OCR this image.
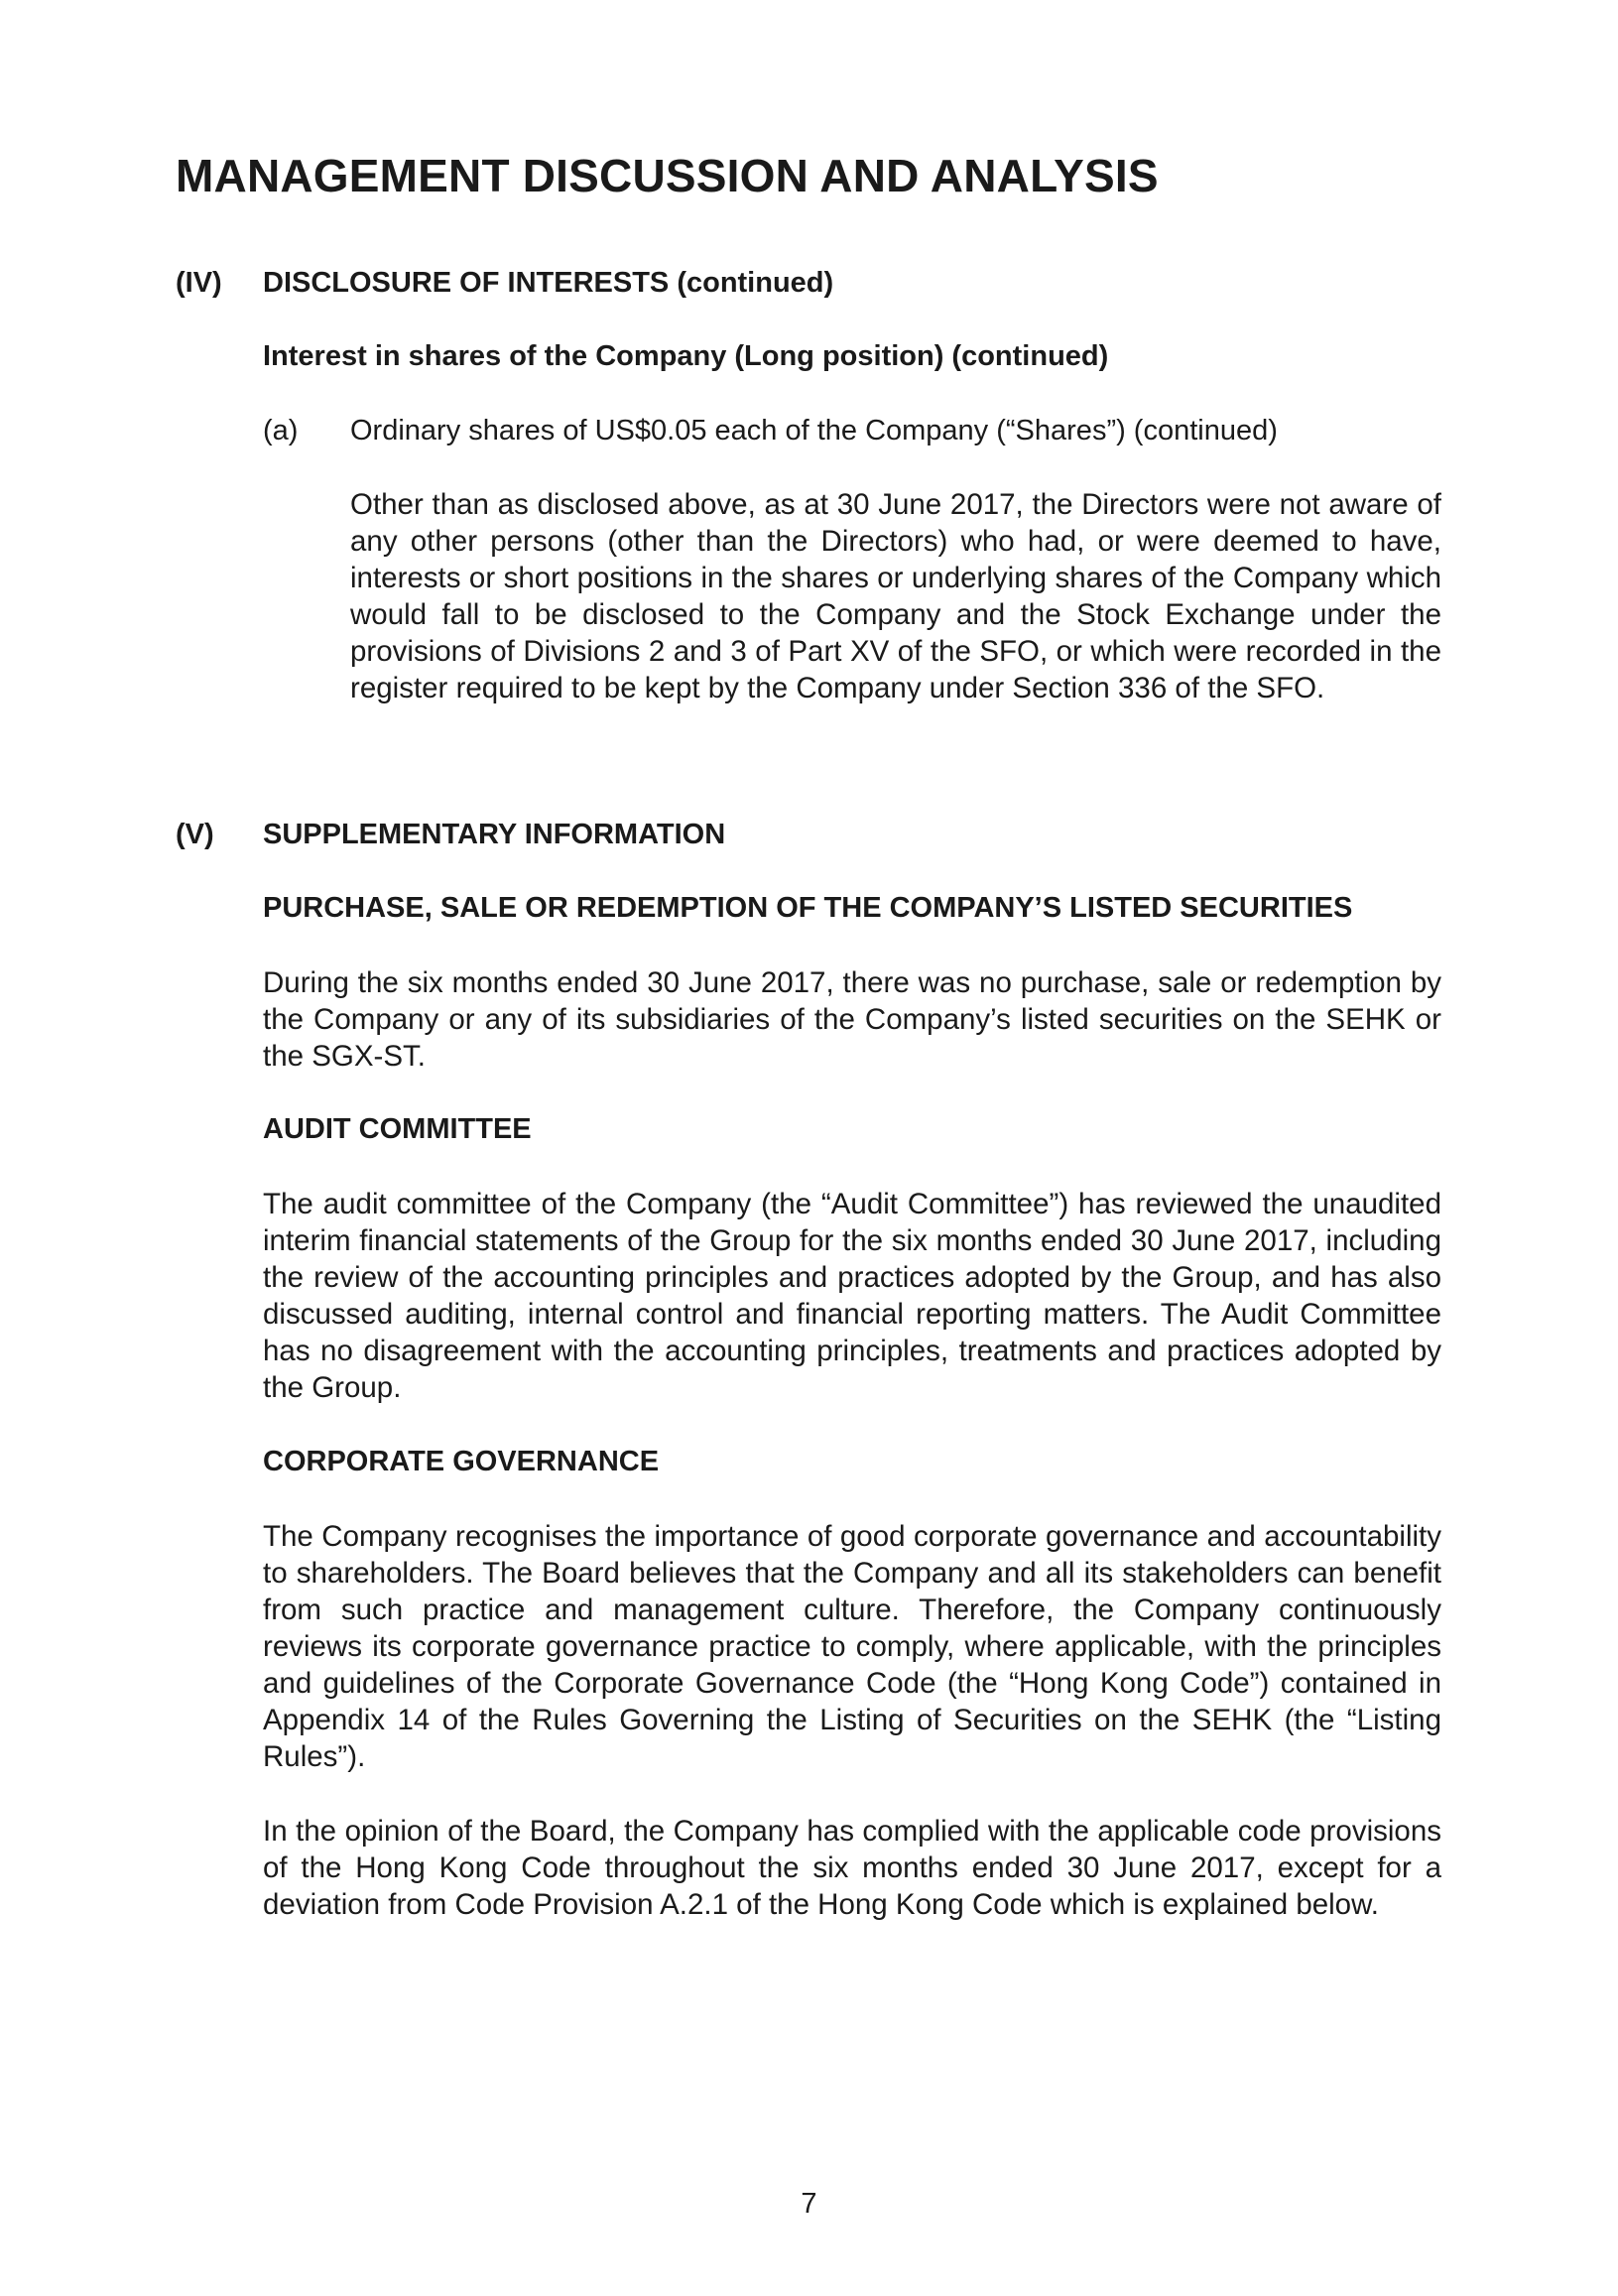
MANAGEMENT DISCUSSION AND ANALYSIS
(IV) DISCLOSURE OF INTERESTS (continued)
Interest in shares of the Company (Long position) (continued)
(a) Ordinary shares of US$0.05 each of the Company (“Shares”) (continued)

Other than as disclosed above, as at 30 June 2017, the Directors were not aware of any other persons (other than the Directors) who had, or were deemed to have, interests or short positions in the shares or underlying shares of the Company which would fall to be disclosed to the Company and the Stock Exchange under the provisions of Divisions 2 and 3 of Part XV of the SFO, or which were recorded in the register required to be kept by the Company under Section 336 of the SFO.

(V) SUPPLEMENTARY INFORMATION
PURCHASE, SALE OR REDEMPTION OF THE COMPANY’S LISTED SECURITIES

During the six months ended 30 June 2017, there was no purchase, sale or redemption by the Company or any of its subsidiaries of the Company’s listed securities on the SEHK or the SGX-ST.

AUDIT COMMITTEE

The audit committee of the Company (the “Audit Committee”) has reviewed the unaudited interim financial statements of the Group for the six months ended 30 June 2017, including the review of the accounting principles and practices adopted by the Group, and has also discussed auditing, internal control and financial reporting matters. The Audit Committee has no disagreement with the accounting principles, treatments and practices adopted by the Group.

CORPORATE GOVERNANCE

The Company recognises the importance of good corporate governance and accountability to shareholders. The Board believes that the Company and all its stakeholders can benefit from such practice and management culture. Therefore, the Company continuously reviews its corporate governance practice to comply, where applicable, with the principles and guidelines of the Corporate Governance Code (the “Hong Kong Code”) contained in Appendix 14 of the Rules Governing the Listing of Securities on the SEHK (the “Listing Rules”).

In the opinion of the Board, the Company has complied with the applicable code provisions of the Hong Kong Code throughout the six months ended 30 June 2017, except for a deviation from Code Provision A.2.1 of the Hong Kong Code which is explained below.

7
